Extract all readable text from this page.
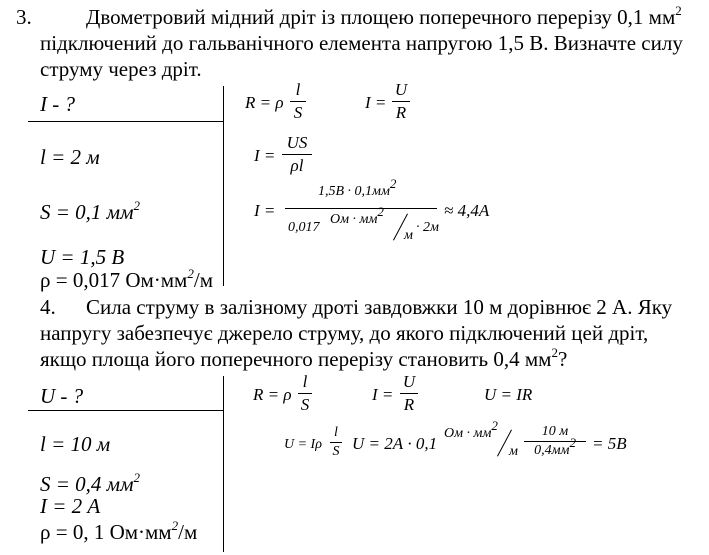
3.	Двометровий мідний дріт із площею поперечного перерізу 0,1 $мм^2$
підключений до гальванічного елемента напругою 1,5 В. Визначте силу
струму через дріт.
I - ?
l = 2 м
S = 0,1 $мм^2$
U = 1,5 В
ρ = 0,017 $Ом\cdot мм^2/м$
R = ρ
l
S
I =
U
R
I =
US
ρl
I =
$1,5В \cdot 0,1мм^2$
0,017
Ом · $мм^2$
м
· 2м
≈ 4,4А
4. Сила струму в залізному дроті завдовжки 10 м дорівнює 2 А. Яку
напругу забезпечує джерело струму, до якого підключений цей дріт,
якщо площа його поперечного перерізу становить 0,4 $мм^2$?
U - ?
l = 10 м
S = 0,4 $мм^2$
I = 2 А
ρ = 0, 1 $Ом\cdot мм^2/м$
R = ρ
l
S
I =
U
R
U = IR
U = Iρ
l
S U = 2А · 0,1
Ом · $мм^2$
м
10 м
$0,4мм^2 = 5В$
